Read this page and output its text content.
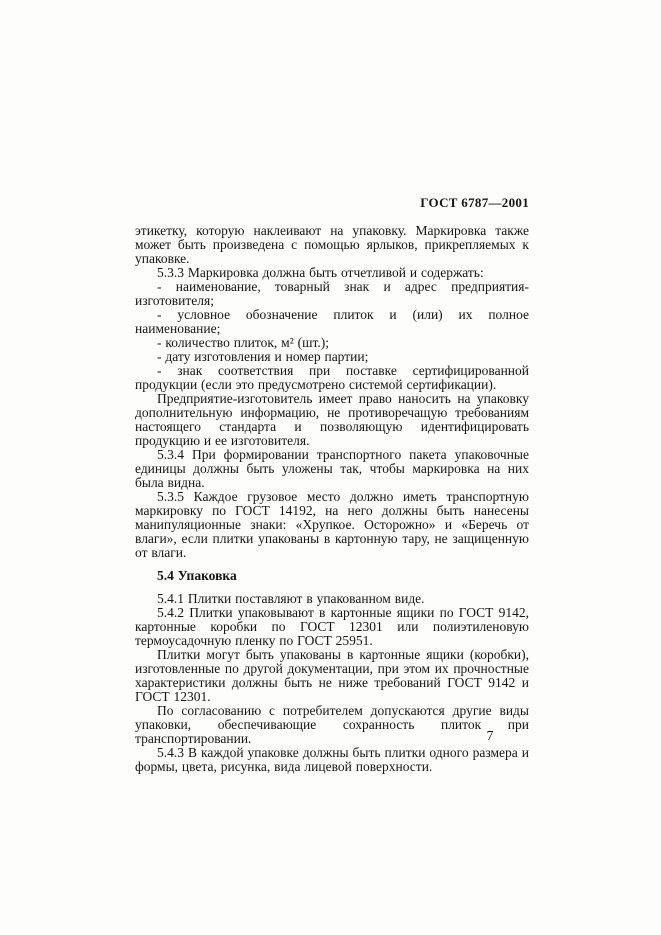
ГОСТ 6787—2001

этикетку, которую наклеивают на упаковку. Маркировка также может быть произведена с помощью ярлыков, прикрепляемых к упаковке.

5.3.3 Маркировка должна быть отчетливой и содержать:

- наименование, товарный знак и адрес предприятия-изготовителя;

- условное обозначение плиток и (или) их полное наименование;

- количество плиток, м² (шт.);

- дату изготовления и номер партии;

- знак соответствия при поставке сертифицированной продукции (если это предусмотрено системой сертификации).

Предприятие-изготовитель имеет право наносить на упаковку дополнительную информацию, не противоречащую требованиям настоящего стандарта и позволяющую идентифицировать продукцию и ее изготовителя.

5.3.4 При формировании транспортного пакета упаковочные единицы должны быть уложены так, чтобы маркировка на них была видна.

5.3.5 Каждое грузовое место должно иметь транспортную маркировку по ГОСТ 14192, на него должны быть нанесены манипуляционные знаки: «Хрупкое. Осторожно» и «Беречь от влаги», если плитки упакованы в картонную тару, не защищенную от влаги.

5.4 Упаковка

5.4.1 Плитки поставляют в упакованном виде.

5.4.2 Плитки упаковывают в картонные ящики по ГОСТ 9142, картонные коробки по ГОСТ 12301 или полиэтиленовую термоусадочную пленку по ГОСТ 25951.

Плитки могут быть упакованы в картонные ящики (коробки), изготовленные по другой документации, при этом их прочностные характеристики должны быть не ниже требований ГОСТ 9142 и ГОСТ 12301.

По согласованию с потребителем допускаются другие виды упаковки, обеспечивающие сохранность плиток при транспортировании.

5.4.3 В каждой упаковке должны быть плитки одного размера и формы, цвета, рисунка, вида лицевой поверхности.

7
